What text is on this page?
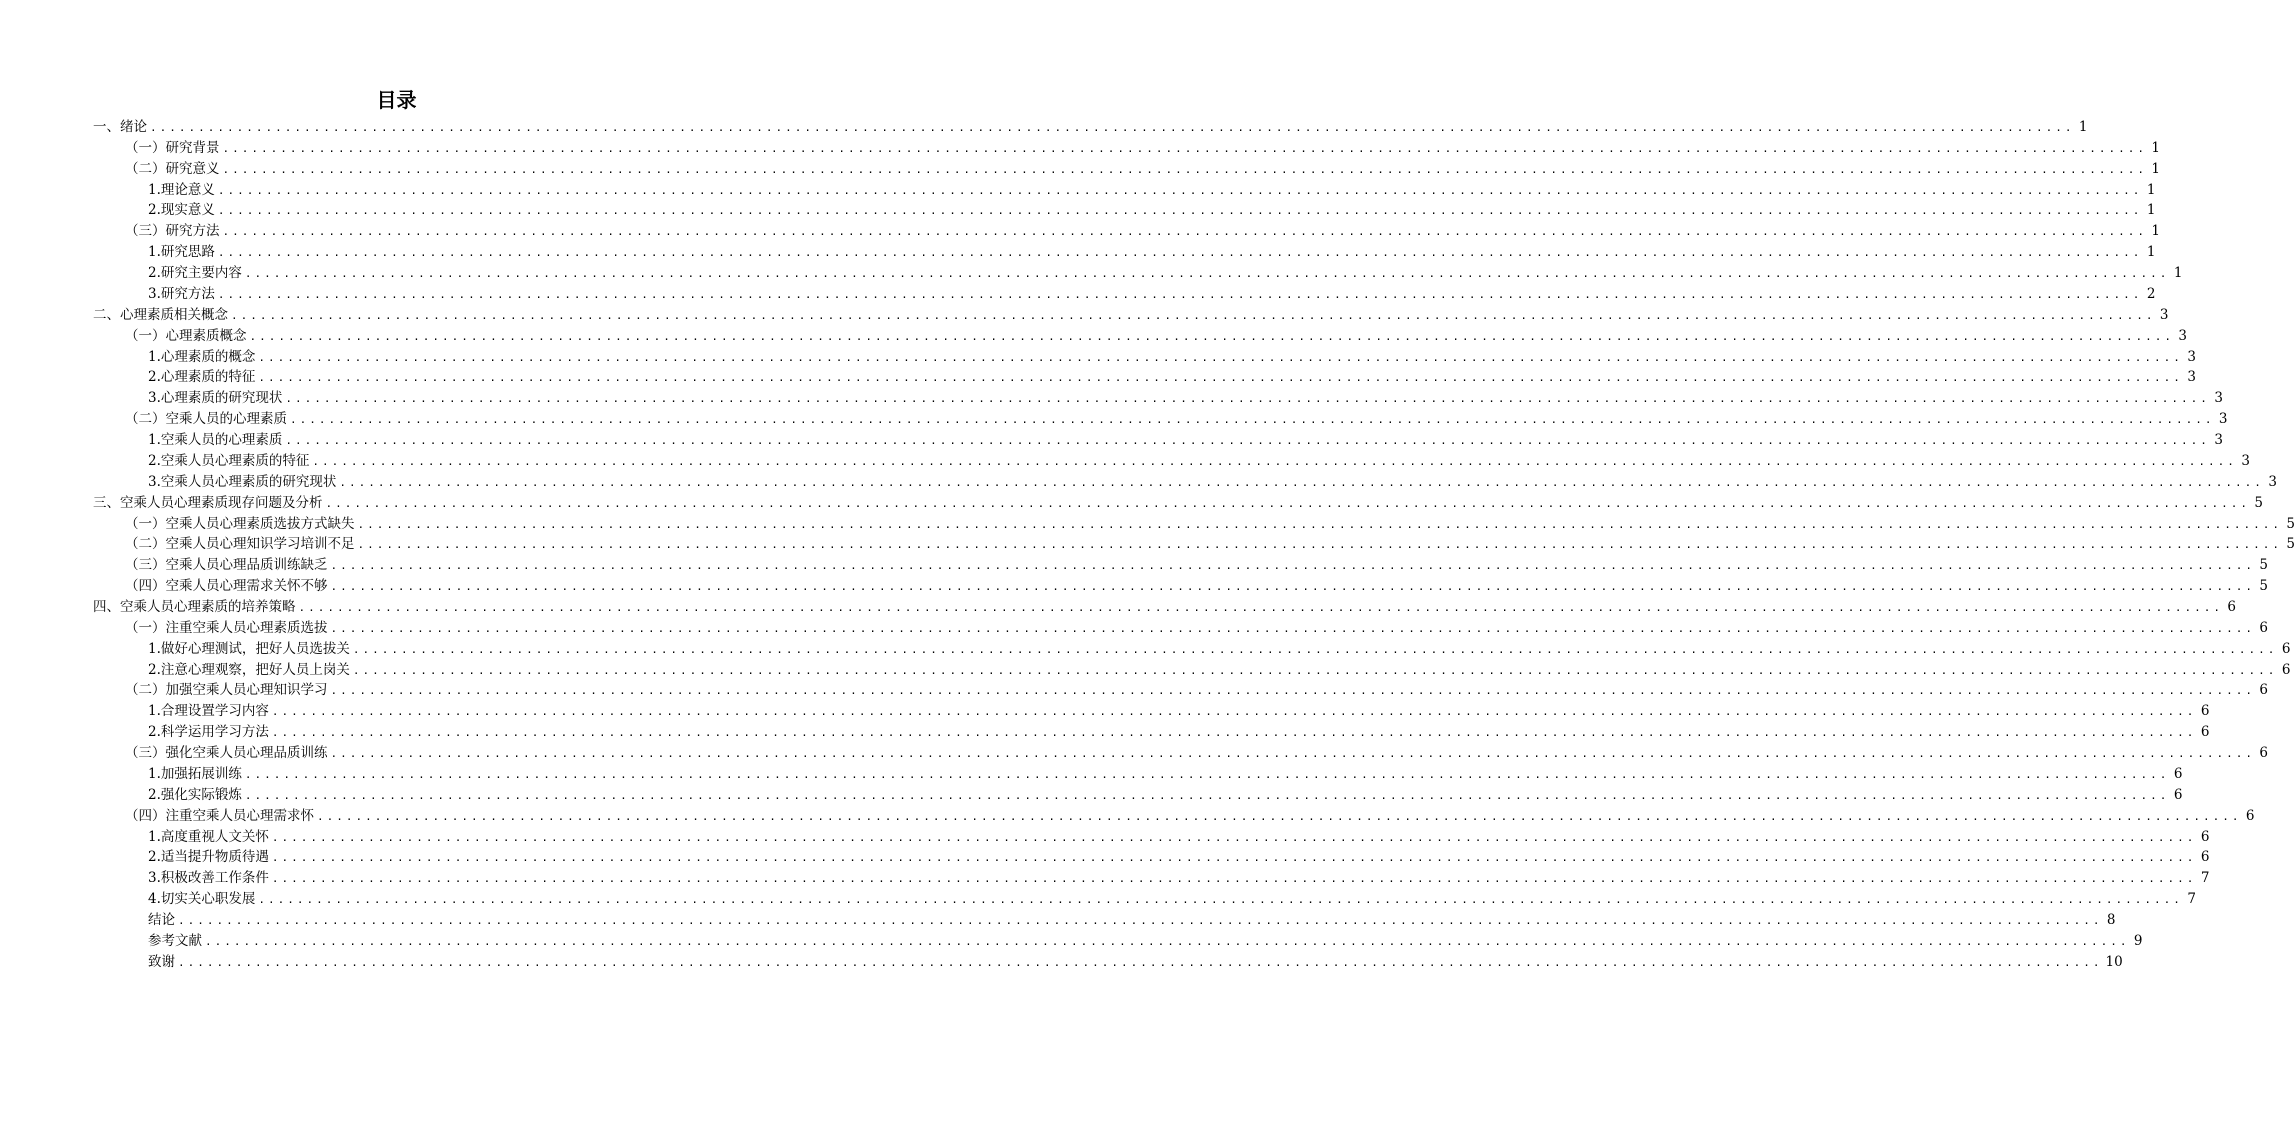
目录
一、绪论 ........................................................................................................................................................................................................ 1
（一）研究背景 ........................................................................................................................................................................................................ 1
（二）研究意义 ........................................................................................................................................................................................................ 1
1.理论意义 ........................................................................................................................................................................................................ 1
2.现实意义 ........................................................................................................................................................................................................ 1
（三）研究方法 ........................................................................................................................................................................................................ 1
1.研究思路 ........................................................................................................................................................................................................ 1
2.研究主要内容 ........................................................................................................................................................................................................ 1
3.研究方法 ........................................................................................................................................................................................................ 2
二、心理素质相关概念 ........................................................................................................................................................................................................ 3
（一）心理素质概念 ........................................................................................................................................................................................................ 3
1.心理素质的概念 ........................................................................................................................................................................................................ 3
2.心理素质的特征 ........................................................................................................................................................................................................ 3
3.心理素质的研究现状 ........................................................................................................................................................................................................ 3
（二）空乘人员的心理素质 ........................................................................................................................................................................................................ 3
1.空乘人员的心理素质 ........................................................................................................................................................................................................ 3
2.空乘人员心理素质的特征 ........................................................................................................................................................................................................ 3
3.空乘人员心理素质的研究现状 ........................................................................................................................................................................................................ 3
三、空乘人员心理素质现存问题及分析 ........................................................................................................................................................................................................ 5
（一）空乘人员心理素质选拔方式缺失 ........................................................................................................................................................................................................ 5
（二）空乘人员心理知识学习培训不足 ........................................................................................................................................................................................................ 5
（三）空乘人员心理品质训练缺乏 ........................................................................................................................................................................................................ 5
（四）空乘人员心理需求关怀不够 ........................................................................................................................................................................................................ 5
四、空乘人员心理素质的培养策略 ........................................................................................................................................................................................................ 6
（一）注重空乘人员心理素质选拔 ........................................................................................................................................................................................................ 6
1.做好心理测试，把好人员选拔关 ........................................................................................................................................................................................................ 6
2.注意心理观察，把好人员上岗关 ........................................................................................................................................................................................................ 6
（二）加强空乘人员心理知识学习 ........................................................................................................................................................................................................ 6
1.合理设置学习内容 ........................................................................................................................................................................................................ 6
2.科学运用学习方法 ........................................................................................................................................................................................................ 6
（三）强化空乘人员心理品质训练 ........................................................................................................................................................................................................ 6
1.加强拓展训练 ........................................................................................................................................................................................................ 6
2.强化实际锻炼 ........................................................................................................................................................................................................ 6
（四）注重空乘人员心理需求怀 ........................................................................................................................................................................................................ 6
1.高度重视人文关怀 ........................................................................................................................................................................................................ 6
2.适当提升物质待遇 ........................................................................................................................................................................................................ 6
3.积极改善工作条件 ........................................................................................................................................................................................................ 7
4.切实关心职发展 ........................................................................................................................................................................................................ 7
结论 ........................................................................................................................................................................................................ 8
参考文献 ........................................................................................................................................................................................................ 9
致谢 ........................................................................................................................................................................................................ 10
